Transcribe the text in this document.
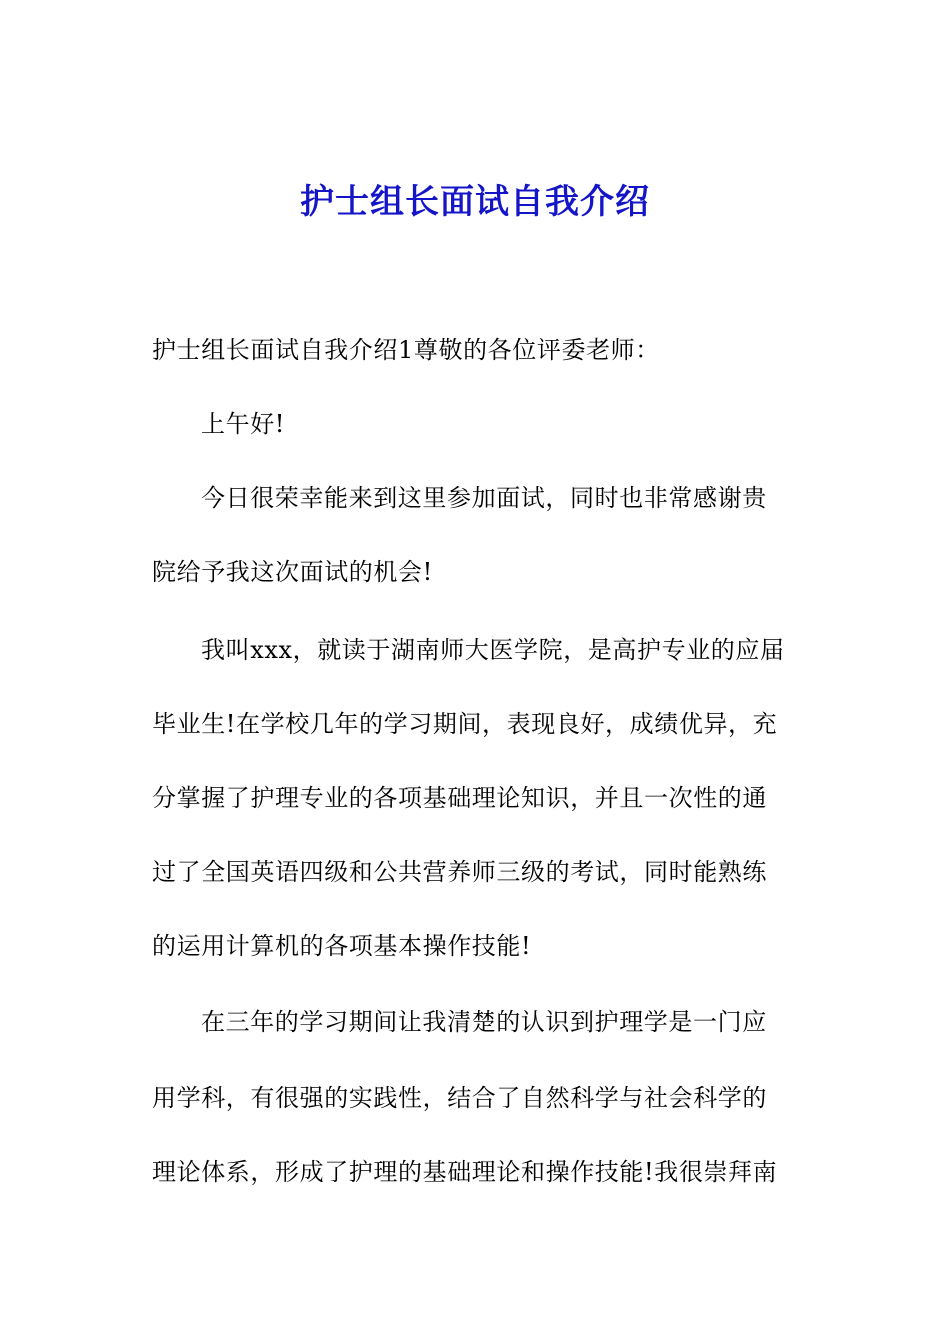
护士组长面试自我介绍
护士组长面试自我介绍1尊敬的各位评委老师：
上午好!
今日很荣幸能来到这里参加面试，同时也非常感谢贵
院给予我这次面试的机会!
我叫xxx，就读于湖南师大医学院，是高护专业的应届
毕业生!在学校几年的学习期间，表现良好，成绩优异，充
分掌握了护理专业的各项基础理论知识，并且一次性的通
过了全国英语四级和公共营养师三级的考试，同时能熟练
的运用计算机的各项基本操作技能!
在三年的学习期间让我清楚的认识到护理学是一门应
用学科，有很强的实践性，结合了自然科学与社会科学的
理论体系，形成了护理的基础理论和操作技能!我很崇拜南
